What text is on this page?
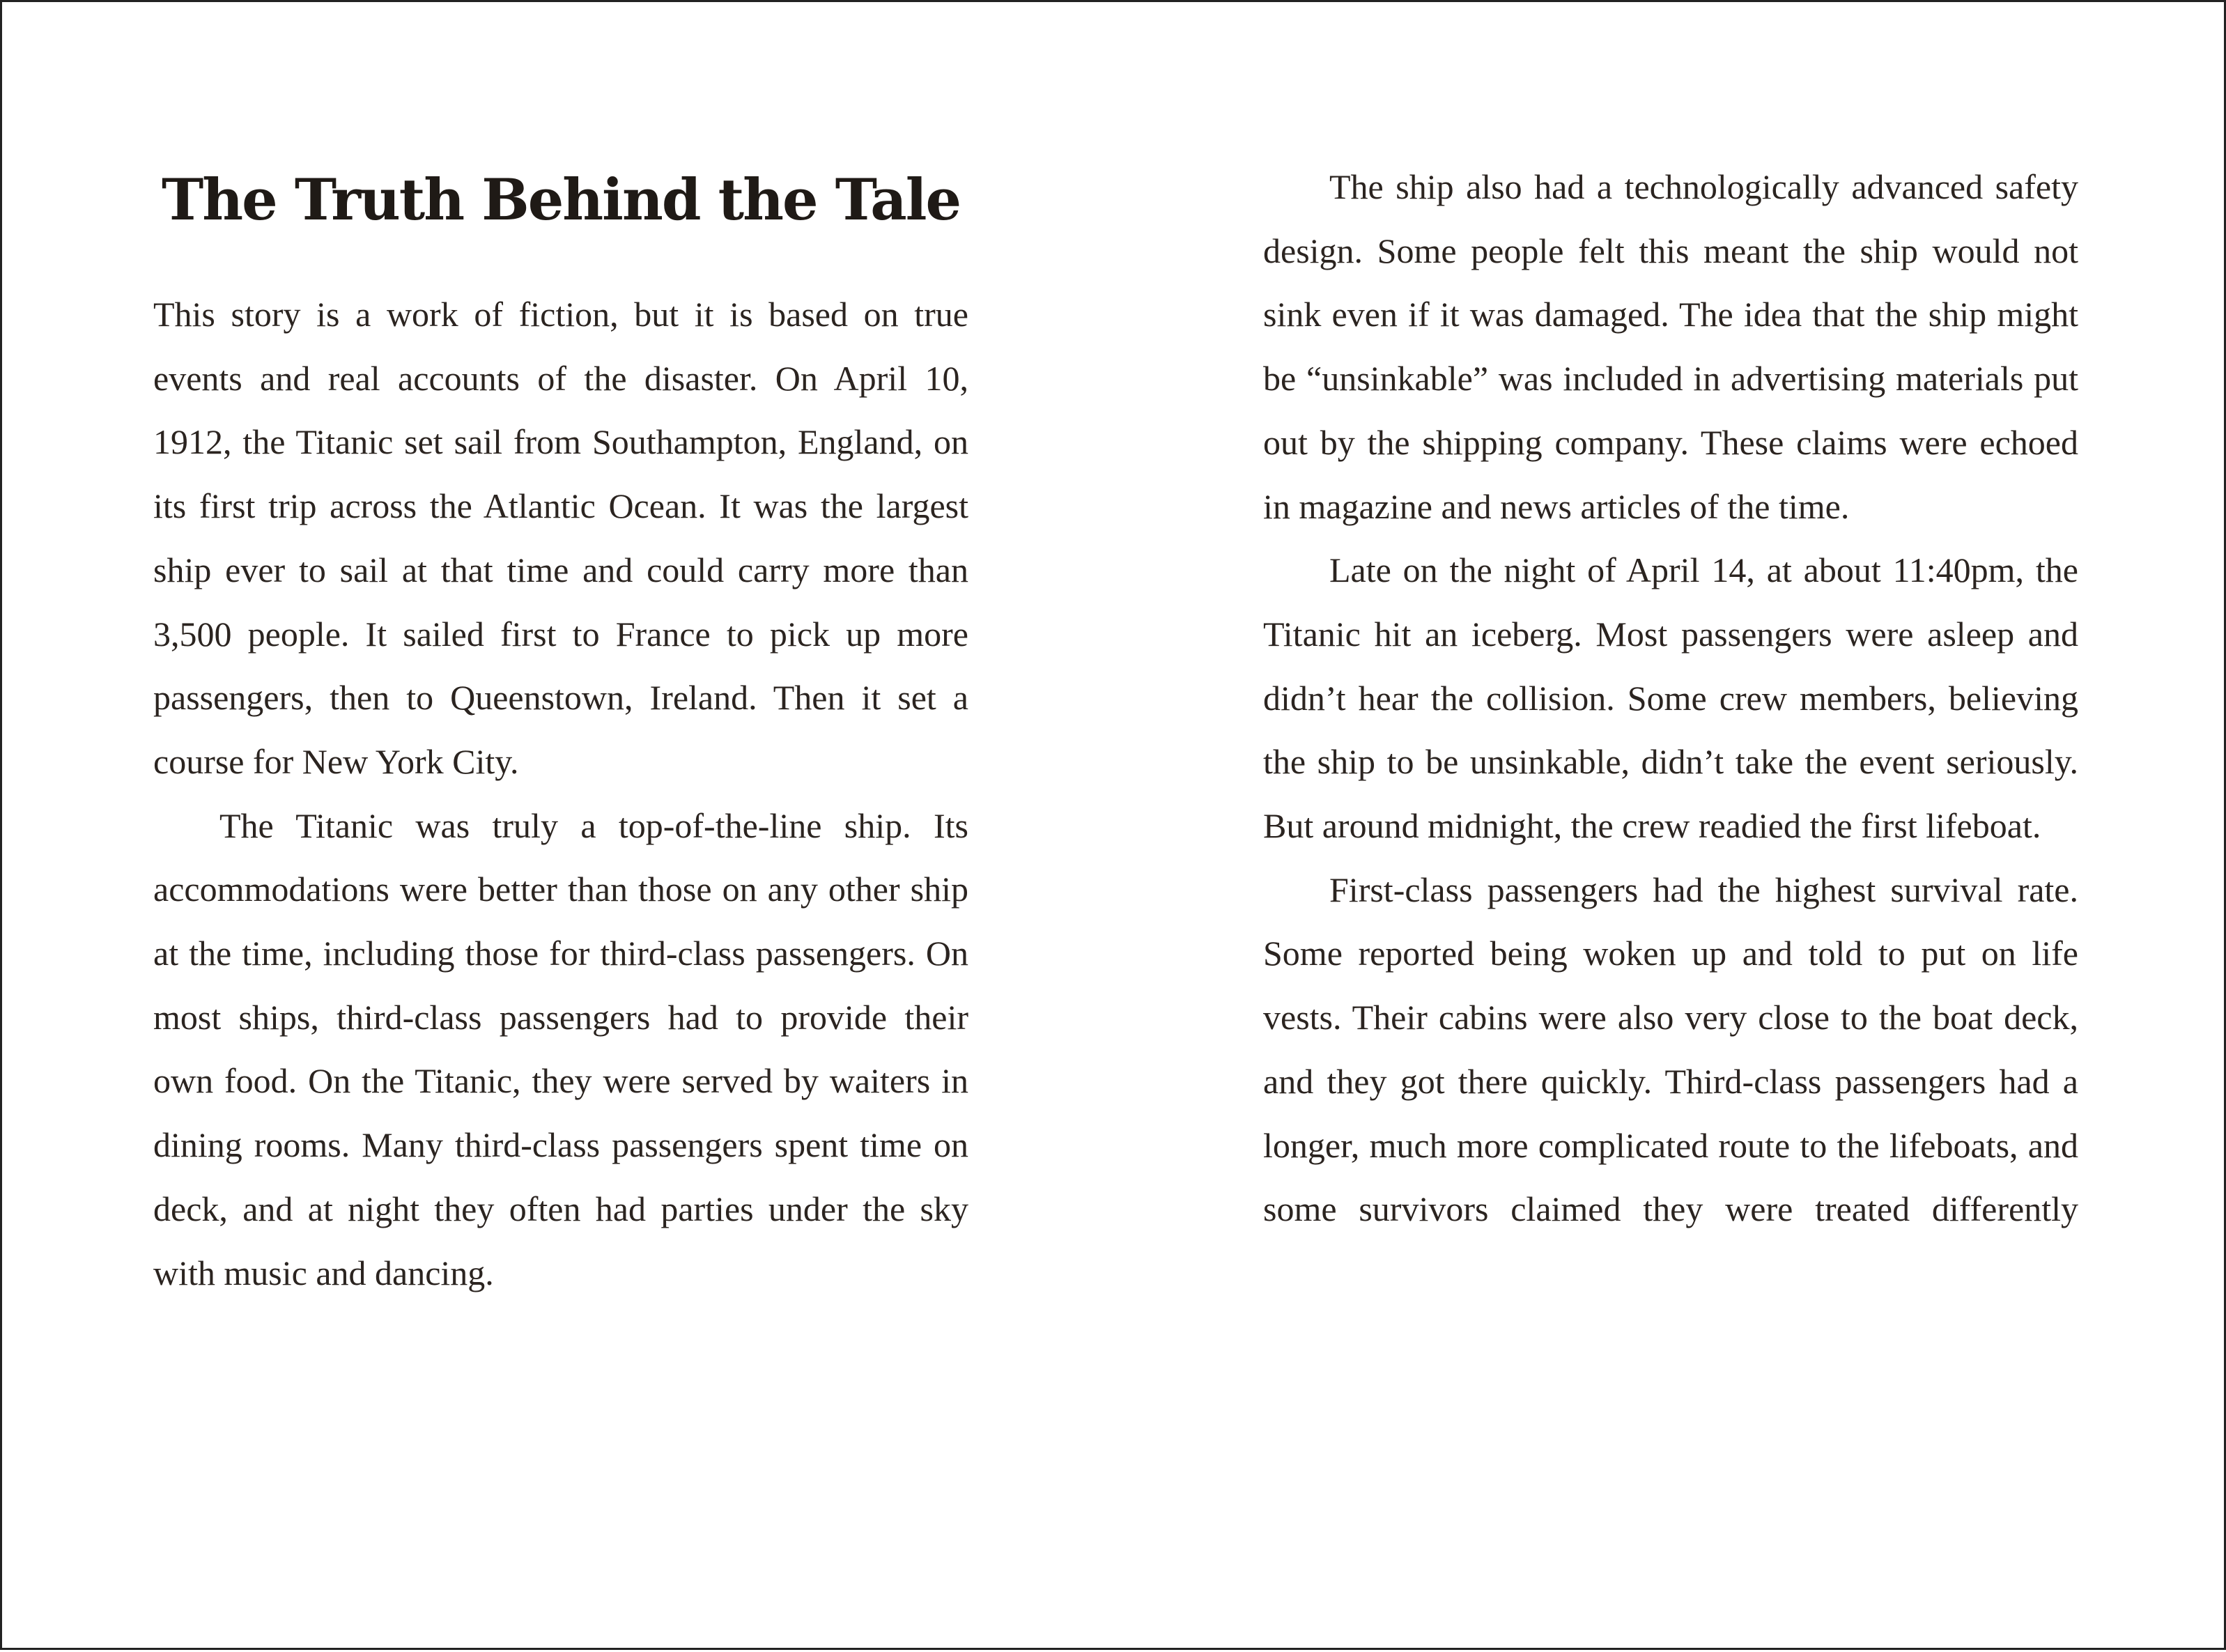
The Truth Behind the Tale

This story is a work of fiction, but it is based on true events and real accounts of the disaster. On April 10, 1912, the Titanic set sail from Southampton, England, on its first trip across the Atlantic Ocean. It was the largest ship ever to sail at that time and could carry more than 3,500 people. It sailed first to France to pick up more passengers, then to Queenstown, Ireland. Then it set a course for New York City.

The Titanic was truly a top-of-the-line ship. Its accommodations were better than those on any other ship at the time, including those for third-class passengers. On most ships, third-class passengers had to provide their own food. On the Titanic, they were served by waiters in dining rooms. Many third-class passengers spent time on deck, and at night they often had parties under the sky with music and dancing.

The ship also had a technologically advanced safety design. Some people felt this meant the ship would not sink even if it was damaged. The idea that the ship might be “unsinkable” was included in advertising materials put out by the shipping company. These claims were echoed in magazine and news articles of the time.

Late on the night of April 14, at about 11:40pm, the Titanic hit an iceberg. Most passengers were asleep and didn’t hear the collision. Some crew members, believing the ship to be unsinkable, didn’t take the event seriously. But around midnight, the crew readied the first lifeboat.

First-class passengers had the highest survival rate. Some reported being woken up and told to put on life vests. Their cabins were also very close to the boat deck, and they got there quickly. Third-class passengers had a longer, much more complicated route to the lifeboats, and some survivors claimed they were treated differently
